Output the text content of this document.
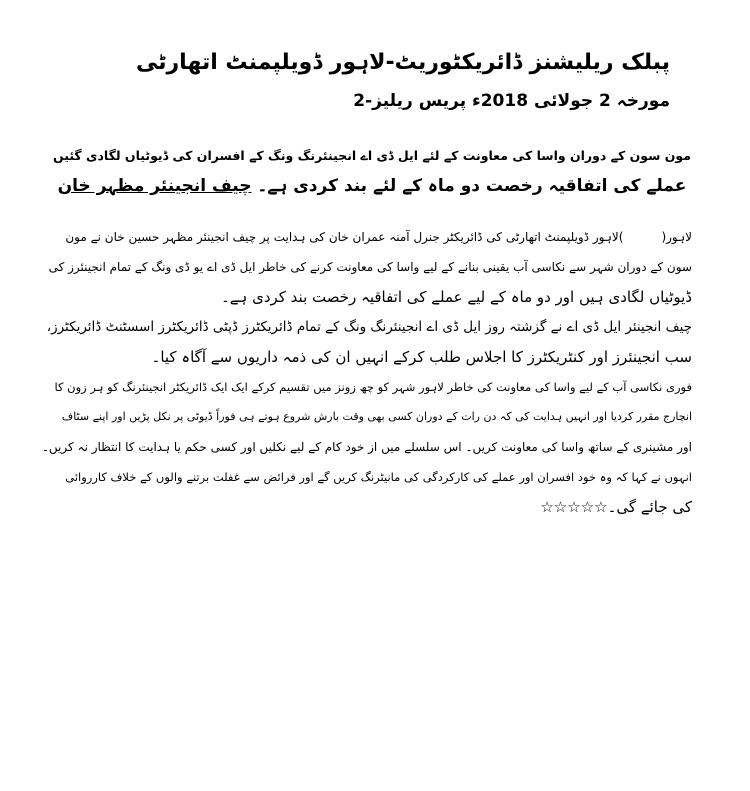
پبلک ریلیشنز ڈائریکٹوریٹ-لاہور ڈویلپمنٹ اتھارٹی
مورخہ 2 جولائی 2018ء پریس ریلیز-2
مون سون کے دوران واسا کی معاونت کے لئے ایل ڈی اے انجینئرنگ ونگ کے افسران کی ڈیوٹیاں لگادی گئیں
عملے کی اتفاقیہ رخصت دو ماہ کے لئے بند کردی ہے۔ چیف انجینئر مظہر خان

لاہور()لاہور ڈویلپمنٹ اتھارٹی کی ڈائریکٹر جنرل آمنہ عمران خان کی ہدایت پر چیف انجینئر مظہر حسین خان نے مون
سون کے دوران شہر سے نکاسی آب یقینی بنانے کے لیے واسا کی معاونت کرنے کی خاطر ایل ڈی اے یو ڈی ونگ کے تمام انجینئرز کی
ڈیوٹیاں لگادی ہیں اور دو ماہ کے لیے عملے کی اتفاقیہ رخصت بند کردی ہے۔

چیف انجینئر ایل ڈی اے نے گزشتہ روز ایل ڈی اے انجینئرنگ ونگ کے تمام ڈائریکٹرز ڈپٹی ڈائریکٹرز اسسٹنٹ ڈائریکٹرز،
سب انجینئرز اور کنٹریکٹرز کا اجلاس طلب کرکے انہیں ان کی ذمہ داریوں سے آگاہ کیا۔

فوری نکاسی آب کے لیے واسا کی معاونت کی خاطر لاہور شہر کو چھ زونز میں تقسیم کرکے ایک ایک ڈائریکٹر انجینئرنگ کو ہر زون کا
انچارج مقرر کردیا اور انہیں ہدایت کی کہ دن رات کے دوران کسی بھی وقت بارش شروع ہوتے ہی فوراً ڈیوٹی پر نکل پڑیں اور اپنے سٹاف
اور مشینری کے ساتھ واسا کی معاونت کریں۔ اس سلسلے میں از خود کام کے لیے نکلیں اور کسی حکم یا ہدایت کا انتظار نہ کریں۔

انہوں نے کہا کہ وہ خود افسران اور عملے کی کارکردگی کی مانیٹرنگ کریں گے اور فرائض سے غفلت برتنے والوں کے خلاف کارروائی
کی جائے گی۔☆☆☆☆☆
